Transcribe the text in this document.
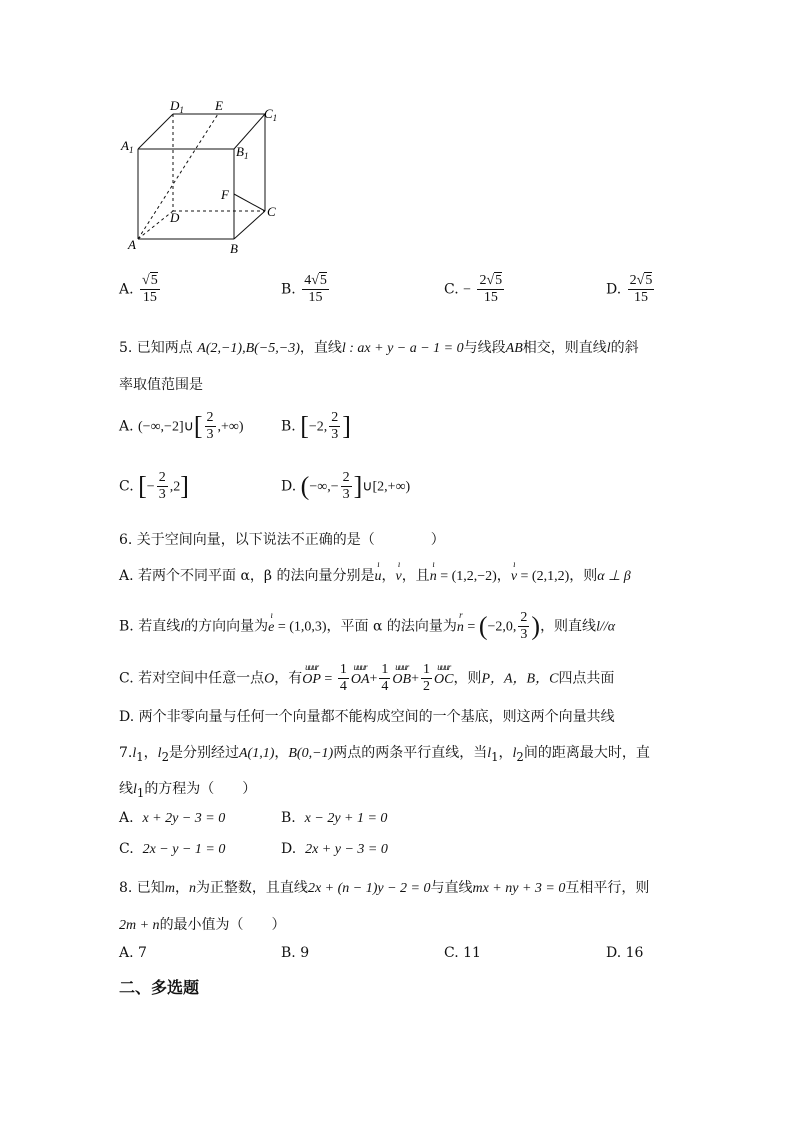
$D_1$ E
$C_1$
$A_1$	$B_1$
F
D	C
A	B
A. $\frac{√5}{15}$	B. $\frac{4√5}{15}$	C. − $\frac{2√5}{15}$	D. $\frac{2√5}{15}$
5. 已知两点 A(2,−1),B(−5,−3)，直线l : ax + y − a − 1 = 0与线段AB相交，则直线l的斜
率取值范围是
A. (−∞,−2]∪[ $\frac{2}{3}$ ,+∞)	B. [−2, $\frac{2}{3}$ ]
C. [− $\frac{2}{3} ,2$]	D. (−∞,− $\frac{2}{3}$ ]∪[2,+∞)
6. 关于空间向量，以下说法不正确的是（　　　　）
A. 若两个不同平面 α，β 的法向量分别是
ı
u，
ı
ν，且
ı
n = (1,2,−2)，
ı
ν = (2,1,2)，则α ⊥ β
B. 若直线l的方向向量为
ı
e = (1,0,3)，平面 α 的法向量为
r
n = (−2,0, $\frac{2}{3}$ )，则直线l//α
C. 若对空间中任意一点O，有
uuur
OP = $\frac{1}{4}$ uuur
$OA+ \frac{1}{4}$ uuur
$OB+ \frac{1}{2}$ uuur
OC，则P，A，B，C四点共面
D. 两个非零向量与任何一个向量都不能构成空间的一个基底，则这两个向量共线
$7.l_1$，$l_2$是分别经过A(1,1)，B(0,−1)两点的两条平行直线，当$l_1$，$l_2$间的距离最大时，直
线$l_1$的方程为（　　）
A. x + 2y − 3 = 0	B. x − 2y + 1 = 0
C. 2x − y − 1 = 0	D. 2x + y − 3 = 0
8. 已知m，n为正整数，且直线2x + (n − 1)y − 2 = 0与直线mx + ny + 3 = 0互相平行，则
2m + n的最小值为（　　）
A. 7	B. 9	C. 11	D. 16
二、多选题
